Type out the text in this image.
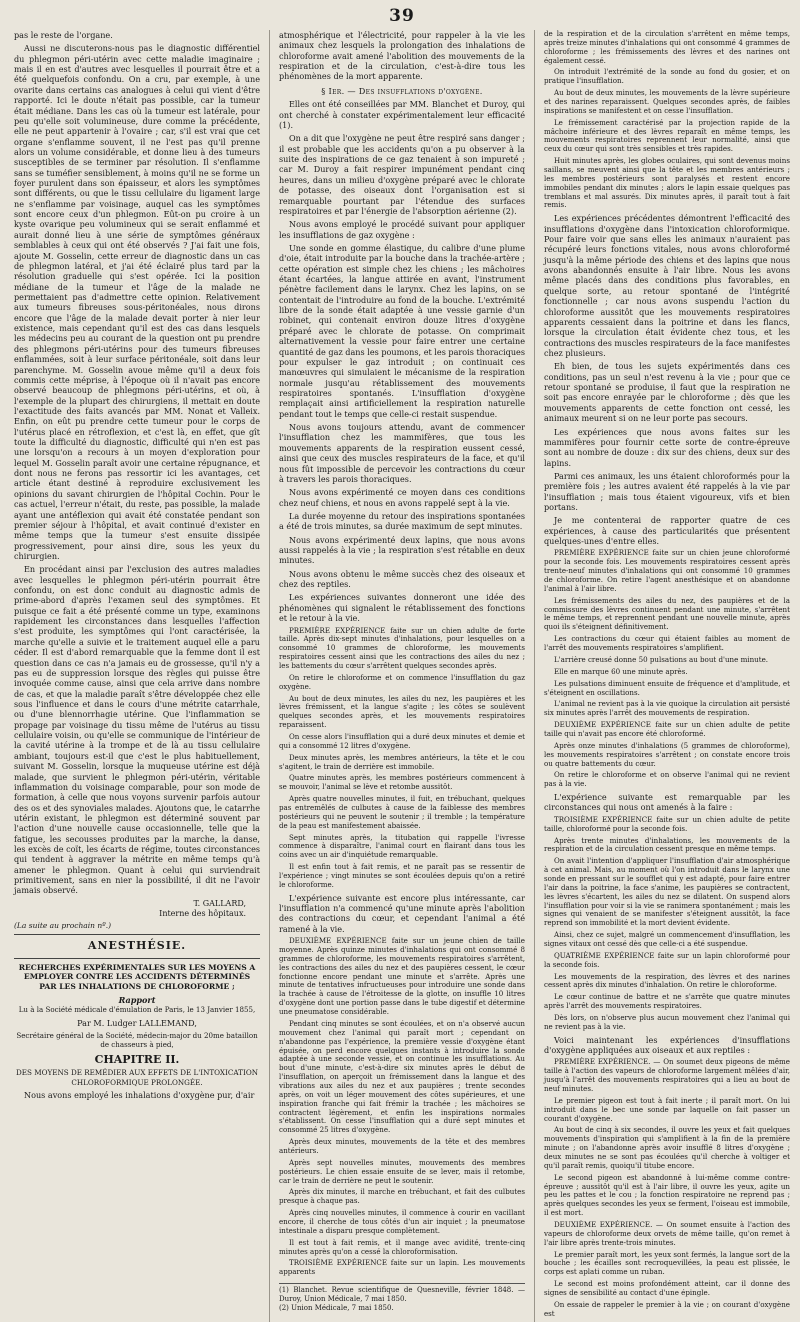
39

pas le reste de l'organe.

Aussi ne discuterons-nous pas le diagnostic différentiel du phlegmon péri-utérin avec cette maladie imaginaire ; mais il en est d'autres avec lesquelles il pourrait être et a été quelquefois confondu. On a cru, par exemple, à une ovarite dans certains cas analogues à celui qui vient d'être rapporté. Ici le doute n'était pas possible, car la tumeur était médiane. Dans les cas où la tumeur est latérale, pour peu qu'elle soit volumineuse, dure comme la précédente, elle ne peut appartenir à l'ovaire ; car, s'il est vrai que cet organe s'enflamme souvent, il ne l'est pas qu'il prenne alors un volume considérable, et donne lieu à des tumeurs susceptibles de se terminer par résolution. Il s'enflamme sans se tuméfier sensiblement, à moins qu'il ne se forme un foyer purulent dans son épaisseur, et alors les symptômes sont différents, ou que le tissu cellulaire du ligament large ne s'enflamme par voisinage, auquel cas les symptômes sont encore ceux d'un phlegmon. Eût-on pu croire à un kyste ovarique peu volumineux qui se serait enflammé et aurait donné lieu à une série de symptômes généraux semblables à ceux qui ont été observés ? J'ai fait une fois, ajoute M. Gosselin, cette erreur de diagnostic dans un cas de phlegmon latéral, et j'ai été éclairé plus tard par la résolution graduelle qui s'est opérée. Ici la position médiane de la tumeur et l'âge de la malade ne permettaient pas d'admettre cette opinion. Relativement aux tumeurs fibreuses sous-péritonéales, nous dirons encore que l'âge de la malade devait porter à nier leur existence, mais cependant qu'il est des cas dans lesquels les médecins peu au courant de la question ont pu prendre des phlegmons péri-utérins pour des tumeurs fibreuses enflammées, soit à leur surface péritonéale, soit dans leur parenchyme. M. Gosselin avoue même qu'il a deux fois commis cette méprise, à l'époque où il n'avait pas encore observé beaucoup de phlegmons péri-utérins, et où, à l'exemple de la plupart des chirurgiens, il mettait en doute l'exactitude des faits avancés par MM. Nonat et Valleix. Enfin, on eût pu prendre cette tumeur pour le corps de l'utérus placé en rétroflexion, et c'est là, en effet, que gît toute la difficulté du diagnostic, difficulté qui n'en est pas une lorsqu'on a recours à un moyen d'exploration pour lequel M. Gosselin paraît avoir une certaine répugnance, et dont nous ne ferons pas ressortir ici les avantages, cet article étant destiné à reproduire exclusivement les opinions du savant chirurgien de l'hôpital Cochin. Pour le cas actuel, l'erreur n'était, du reste, pas possible, la malade ayant une antéflexion qui avait été constatée pendant son premier séjour à l'hôpital, et avait continué d'exister en même temps que la tumeur s'est ensuite dissipée progressivement, pour ainsi dire, sous les yeux du chirurgien.

En procédant ainsi par l'exclusion des autres maladies avec lesquelles le phlegmon péri-utérin pourrait être confondu, on est donc conduit au diagnostic admis de prime-abord d'après l'examen seul des symptômes. Et puisque ce fait a été présenté comme un type, examinons rapidement les circonstances dans lesquelles l'affection s'est produite, les symptômes qui l'ont caractérisée, la marche qu'elle a suivie et le traitement auquel elle a paru céder. Il est d'abord remarquable que la femme dont il est question dans ce cas n'a jamais eu de grossesse, qu'il n'y a pas eu de suppression lorsque des règles qui puisse être invoquée comme cause, ainsi que cela arrive dans nombre de cas, et que la maladie paraît s'être développée chez elle sous l'influence et dans le cours d'une métrite catarrhale, ou d'une blennorrhagie utérine. Que l'inflammation se propage par voisinage du tissu même de l'utérus au tissu cellulaire voisin, ou qu'elle se communique de l'intérieur de la cavité utérine à la trompe et de là au tissu cellulaire ambiant, toujours est-il que c'est le plus habituellement, suivant M. Gosselin, lorsque la muqueuse utérine est déjà malade, que survient le phlegmon péri-utérin, véritable inflammation du voisinage comparable, pour son mode de formation, à celle que nous voyons survenir parfois autour des os et des synoviales malades. Ajoutons que, le catarrhe utérin existant, le phlegmon est déterminé souvent par l'action d'une nouvelle cause occasionnelle, telle que la fatigue, les secousses produites par la marche, la danse, les excès de coït, les écarts de régime, toutes circonstances qui tendent à aggraver la métrite en même temps qu'à amener le phlegmon. Quant à celui qui surviendrait primitivement, sans en nier la possibilité, il dit ne l'avoir jamais observé.

T. GALLARD,
Interne des hôpitaux.
(La suite au prochain nº.)
ANESTHÉSIE.
RECHERCHES EXPÉRIMENTALES SUR LES MOYENS A EMPLOYER CONTRE LES ACCIDENTS DÉTERMINÉS PAR LES INHALATIONS DE CHLOROFORME ;

Rapport

Lu à la Société médicale d'émulation de Paris, le 13 Janvier 1855,

Par M. Ludger LALLEMAND,

Secrétaire général de la Société, médecin-major du 20me bataillon de chasseurs à pied,

CHAPITRE II.
DES MOYENS DE REMÉDIER AUX EFFETS DE L'INTOXICATION CHLOROFORMIQUE PROLONGÉE.

Nous avons employé les inhalations d'oxygène pur, d'air

atmosphérique et l'électricité, pour rappeler à la vie les animaux chez lesquels la prolongation des inhalations de chloroforme avait amené l'abolition des mouvements de la respiration et de la circulation, c'est-à-dire tous les phénomènes de la mort apparente.

§ Ier. — Des insufflations d'oxygène.

Elles ont été conseillées par MM. Blanchet et Duroy, qui ont cherché à constater expérimentalement leur efficacité (1).

On a dit que l'oxygène ne peut être respiré sans danger ; il est probable que les accidents qu'on a pu observer à la suite des inspirations de ce gaz tenaient à son impureté ; car M. Duroy a fait respirer impunément pendant cinq heures, dans un milieu d'oxygène préparé avec le chlorate de potasse, des oiseaux dont l'organisation est si remarquable pourtant par l'étendue des surfaces respiratoires et par l'énergie de l'absorption aérienne (2).

Nous avons employé le procédé suivant pour appliquer les insufflations de gaz oxygène :

Une sonde en gomme élastique, du calibre d'une plume d'oie, était introduite par la bouche dans la trachée-artère ; cette opération est simple chez les chiens ; les mâchoires étant écartées, la langue attirée en avant, l'instrument pénètre facilement dans le larynx. Chez les lapins, on se contentait de l'introduire au fond de la bouche. L'extrémité libre de la sonde était adaptée à une vessie garnie d'un robinet, qui contenait environ douze litres d'oxygène préparé avec le chlorate de potasse. On comprimait alternativement la vessie pour faire entrer une certaine quantité de gaz dans les poumons, et les parois thoraciques pour expulser le gaz introduit ; on continuait ces manœuvres qui simulaient le mécanisme de la respiration normale jusqu'au rétablissement des mouvements respiratoires spontanés. L'insufflation d'oxygène remplaçait ainsi artificiellement la respiration naturelle pendant tout le temps que celle-ci restait suspendue.

Nous avons toujours attendu, avant de commencer l'insufflation chez les mammifères, que tous les mouvements apparents de la respiration eussent cessé, ainsi que ceux des muscles respirateurs de la face, et qu'il nous fût impossible de percevoir les contractions du cœur à travers les parois thoraciques.

Nous avons expérimenté ce moyen dans ces conditions chez neuf chiens, et nous en avons rappelé sept à la vie.

La durée moyenne du retour des inspirations spontanées a été de trois minutes, sa durée maximum de sept minutes.

Nous avons expérimenté deux lapins, que nous avons aussi rappelés à la vie ; la respiration s'est rétablie en deux minutes.

Nous avons obtenu le même succès chez des oiseaux et chez des reptiles.

Les expériences suivantes donneront une idée des phénomènes qui signalent le rétablissement des fonctions et le retour à la vie.

PREMIÈRE EXPÉRIENCE faite sur un chien adulte de forte taille. Après dix-sept minutes d'inhalations, pour lesquelles on a consommé 10 grammes de chloroforme, les mouvements respiratoires cessent ainsi que les contractions des ailes du nez ; les battements du cœur s'arrêtent quelques secondes après.

On retire le chloroforme et on commence l'insufflation du gaz oxygène.

Au bout de deux minutes, les ailes du nez, les paupières et les lèvres frémissent, et la langue s'agite ; les côtes se soulèvent quelques secondes après, et les mouvements respiratoires reparaissent.

On cesse alors l'insufflation qui a duré deux minutes et demie et qui a consommé 12 litres d'oxygène.

Deux minutes après, les membres antérieurs, la tête et le cou s'agitent, le train de derrière est immobile.

Quatre minutes après, les membres postérieurs commencent à se mouvoir, l'animal se lève et retombe aussitôt.

Après quatre nouvelles minutes, il fuit, en trébuchant, quelques pas entremêlés de culbutes à cause de la faiblesse des membres postérieurs qui ne peuvent le soutenir ; il tremble ; la température de la peau est manifestement abaissée.

Sept minutes après, la titubation qui rappelle l'ivresse commence à disparaître, l'animal court en flairant dans tous les coins avec un air d'inquiétude remarquable.

Il est enfin tout à fait remis, et ne paraît pas se ressentir de l'expérience ; vingt minutes se sont écoulées depuis qu'on a retiré le chloroforme.

L'expérience suivante est encore plus intéressante, car l'insufflation n'a commencé qu'une minute après l'abolition des contractions du cœur, et cependant l'animal a été ramené à la vie.

DEUXIÈME EXPÉRIENCE faite sur un jeune chien de taille moyenne. Après quinze minutes d'inhalations qui ont consommé 8 grammes de chloroforme, les mouvements respiratoires s'arrêtent, les contractions des ailes du nez et des paupières cessent, le cœur fonctionne encore pendant une minute et s'arrête. Après une minute de tentatives infructueuses pour introduire une sonde dans la trachée à cause de l'étroitesse de la glotte, on insuffle 10 litres d'oxygène dont une portion passe dans le tube digestif et détermine une pneumatose considérable.

Pendant cinq minutes se sont écoulées, et on n'a observé aucun mouvement chez l'animal qui paraît mort ; cependant on n'abandonne pas l'expérience, la première vessie d'oxygène étant épuisée, on perd encore quelques instants à introduire la sonde adaptée à une seconde vessie, et on continue les insufflations. Au bout d'une minute, c'est-à-dire six minutes après le début de l'insufflation, on aperçoit un frémissement dans la langue et des vibrations aux ailes du nez et aux paupières ; trente secondes après, on voit un léger mouvement des côtes supérieures, et une inspiration franche qui fait frémir la trachée ; les mâchoires se contractent légèrement, et enfin les inspirations normales s'établissent. On cesse l'insufflation qui a duré sept minutes et consommé 25 litres d'oxygène.

Après deux minutes, mouvements de la tête et des membres antérieurs.

Après sept nouvelles minutes, mouvements des membres postérieurs. Le chien essaie ensuite de se lever, mais il retombe, car le train de derrière ne peut le soutenir.

Après dix minutes, il marche en trébuchant, et fait des culbutes presque à chaque pas.

Après cinq nouvelles minutes, il commence à courir en vacillant encore, il cherche de tous côtés d'un air inquiet ; la pneumatose intestinale a disparu presque complètement.

Il est tout à fait remis, et il mange avec avidité, trente-cinq minutes après qu'on a cessé la chloroformisation.

TROISIÈME EXPÉRIENCE faite sur un lapin. Les mouvements apparents

(1) Blanchet. Revue scientifique de Quesneville, février 1848. — Duroy, Union Médicale, 7 mai 1850.
(2) Union Médicale, 7 mai 1850.

de la respiration et de la circulation s'arrêtent en même temps, après treize minutes d'inhalations qui ont consommé 4 grammes de chloroforme ; les frémissements des lèvres et des narines ont également cessé.

On introduit l'extrémité de la sonde au fond du gosier, et on pratique l'insufflation.

Au bout de deux minutes, les mouvements de la lèvre supérieure et des narines reparaissent. Quelques secondes après, de faibles inspirations se manifestent et on cesse l'insufflation.

Le frémissement caractérisé par la projection rapide de la mâchoire inférieure et des lèvres reparaît en même temps, les mouvements respiratoires reprennent leur normalité, ainsi que ceux du cœur qui sont très sensibles et très rapides.

Huit minutes après, les globes oculaires, qui sont devenus moins saillans, se meuvent ainsi que la tête et les membres antérieurs ; les membres postérieurs sont paralysés et restent encore immobiles pendant dix minutes ; alors le lapin essaie quelques pas tremblans et mal assurés. Dix minutes après, il paraît tout à fait remis.

Les expériences précédentes démontrent l'efficacité des insufflations d'oxygène dans l'intoxication chloroformique. Pour faire voir que sans elles les animaux n'auraient pas récupéré leurs fonctions vitales, nous avons chloroformé jusqu'à la même période des chiens et des lapins que nous avons abandonnés ensuite à l'air libre. Nous les avons même placés dans des conditions plus favorables, en quelque sorte, au retour spontané de l'intégrité fonctionnelle ; car nous avons suspendu l'action du chloroforme aussitôt que les mouvements respiratoires apparents cessaient dans la poitrine et dans les flancs, lorsque la circulation était évidente chez tous, et les contractions des muscles respirateurs de la face manifestes chez plusieurs.

Eh bien, de tous les sujets expérimentés dans ces conditions, pas un seul n'est revenu à la vie ; pour que ce retour spontané se produise, il faut que la respiration ne soit pas encore enrayée par le chloroforme ; dès que les mouvements apparents de cette fonction ont cessé, les animaux meurent si on ne leur porte pas secours.

Les expériences que nous avons faites sur les mammifères pour fournir cette sorte de contre-épreuve sont au nombre de douze : dix sur des chiens, deux sur des lapins.

Parmi ces animaux, les uns étaient chloroformés pour la première fois ; les autres avaient été rappelés à la vie par l'insufflation ; mais tous étaient vigoureux, vifs et bien portans.

Je me contenterai de rapporter quatre de ces expériences, à cause des particularités que présentent quelques-unes d'entre elles.

PREMIÈRE EXPÉRIENCE faite sur un chien jeune chloroformé pour la seconde fois. Les mouvements respiratoires cessent après trente-neuf minutes d'inhalations qui ont consommé 10 grammes de chloroforme. On retire l'agent anesthésique et on abandonne l'animal à l'air libre.

Les frémissements des ailes du nez, des paupières et de la commissure des lèvres continuent pendant une minute, s'arrêtent le même temps, et reprennent pendant une nouvelle minute, après quoi ils s'éteignent définitivement.

Les contractions du cœur qui étaient faibles au moment de l'arrêt des mouvements respiratoires s'amplifient.

L'arrière creusé donne 50 pulsations au bout d'une minute.

Elle en marque 60 une minute après.

Les pulsations diminuent ensuite de fréquence et d'amplitude, et s'éteignent en oscillations.

L'animal ne revient pas à la vie quoique la circulation ait persisté six minutes après l'arrêt des mouvements de respiration.

DEUXIÈME EXPÉRIENCE faite sur un chien adulte de petite taille qui n'avait pas encore été chloroformé.

Après onze minutes d'inhalations (5 grammes de chloroforme), les mouvements respiratoires s'arrêtent ; on constate encore trois ou quatre battements du cœur.

On retire le chloroforme et on observe l'animal qui ne revient pas à la vie.

L'expérience suivante est remarquable par les circonstances qui nous ont amenés à la faire :

TROISIÈME EXPÉRIENCE faite sur un chien adulte de petite taille, chloroformé pour la seconde fois.

Après trente minutes d'inhalations, les mouvements de la respiration et de la circulation cessent presque en même temps.

On avait l'intention d'appliquer l'insufflation d'air atmosphérique à cet animal. Mais, au moment où l'on introduit dans le larynx une sonde en pressant sur le soufflet qui y est adapté, pour faire entrer l'air dans la poitrine, la face s'anime, les paupières se contractent, les lèvres s'écartent, les ailes du nez se dilatent. On suspend alors l'insufflation pour voir si la vie se ranimera spontanément ; mais les signes qui venaient de se manifester s'éteignent aussitôt, la face reprend son immobilité et la mort devient évidente.

Ainsi, chez ce sujet, malgré un commencement d'insufflation, les signes vitaux ont cessé dès que celle-ci a été suspendue.

QUATRIÈME EXPÉRIENCE faite sur un lapin chloroformé pour la seconde fois.

Les mouvements de la respiration, des lèvres et des narines cessent après dix minutes d'inhalation. On retire le chloroforme.

Le cœur continue de battre et ne s'arrête que quatre minutes après l'arrêt des mouvements respiratoires.

Dès lors, on n'observe plus aucun mouvement chez l'animal qui ne revient pas à la vie.

Voici maintenant les expériences d'insufflations d'oxygène appliquées aux oiseaux et aux reptiles :

PREMIÈRE EXPÉRIENCE. — On soumet deux pigeons de même taille à l'action des vapeurs de chloroforme largement mêlées d'air, jusqu'à l'arrêt des mouvements respiratoires qui a lieu au bout de neuf minutes.

Le premier pigeon est tout à fait inerte ; il paraît mort. On lui introduit dans le bec une sonde par laquelle on fait passer un courant d'oxygène.

Au bout de cinq à six secondes, il ouvre les yeux et fait quelques mouvements d'inspiration qui s'amplifient à la fin de la première minute ; on l'abandonne après avoir insufflé 8 litres d'oxygène ; deux minutes ne se sont pas écoulées qu'il cherche à voltiger et qu'il paraît remis, quoiqu'il titube encore.

Le second pigeon est abandonné à lui-même comme contre-épreuve ; aussitôt qu'il est à l'air libre, il ouvre les yeux, agite un peu les pattes et le cou ; la fonction respiratoire ne reprend pas ; après quelques secondes les yeux se ferment, l'oiseau est immobile, il est mort.

DEUXIÈME EXPÉRIENCE. — On soumet ensuite à l'action des vapeurs de chloroforme deux orvets de même taille, qu'on remet à l'air libre après trente-trois minutes.

Le premier paraît mort, les yeux sont fermés, la langue sort de la bouche ; les écailles sont recroquevillées, la peau est plissée, le corps est aplati comme un ruban.

Le second est moins profondément atteint, car il donne des signes de sensibilité au contact d'une épingle.

On essaie de rappeler le premier à la vie ; on courant d'oxygène est
